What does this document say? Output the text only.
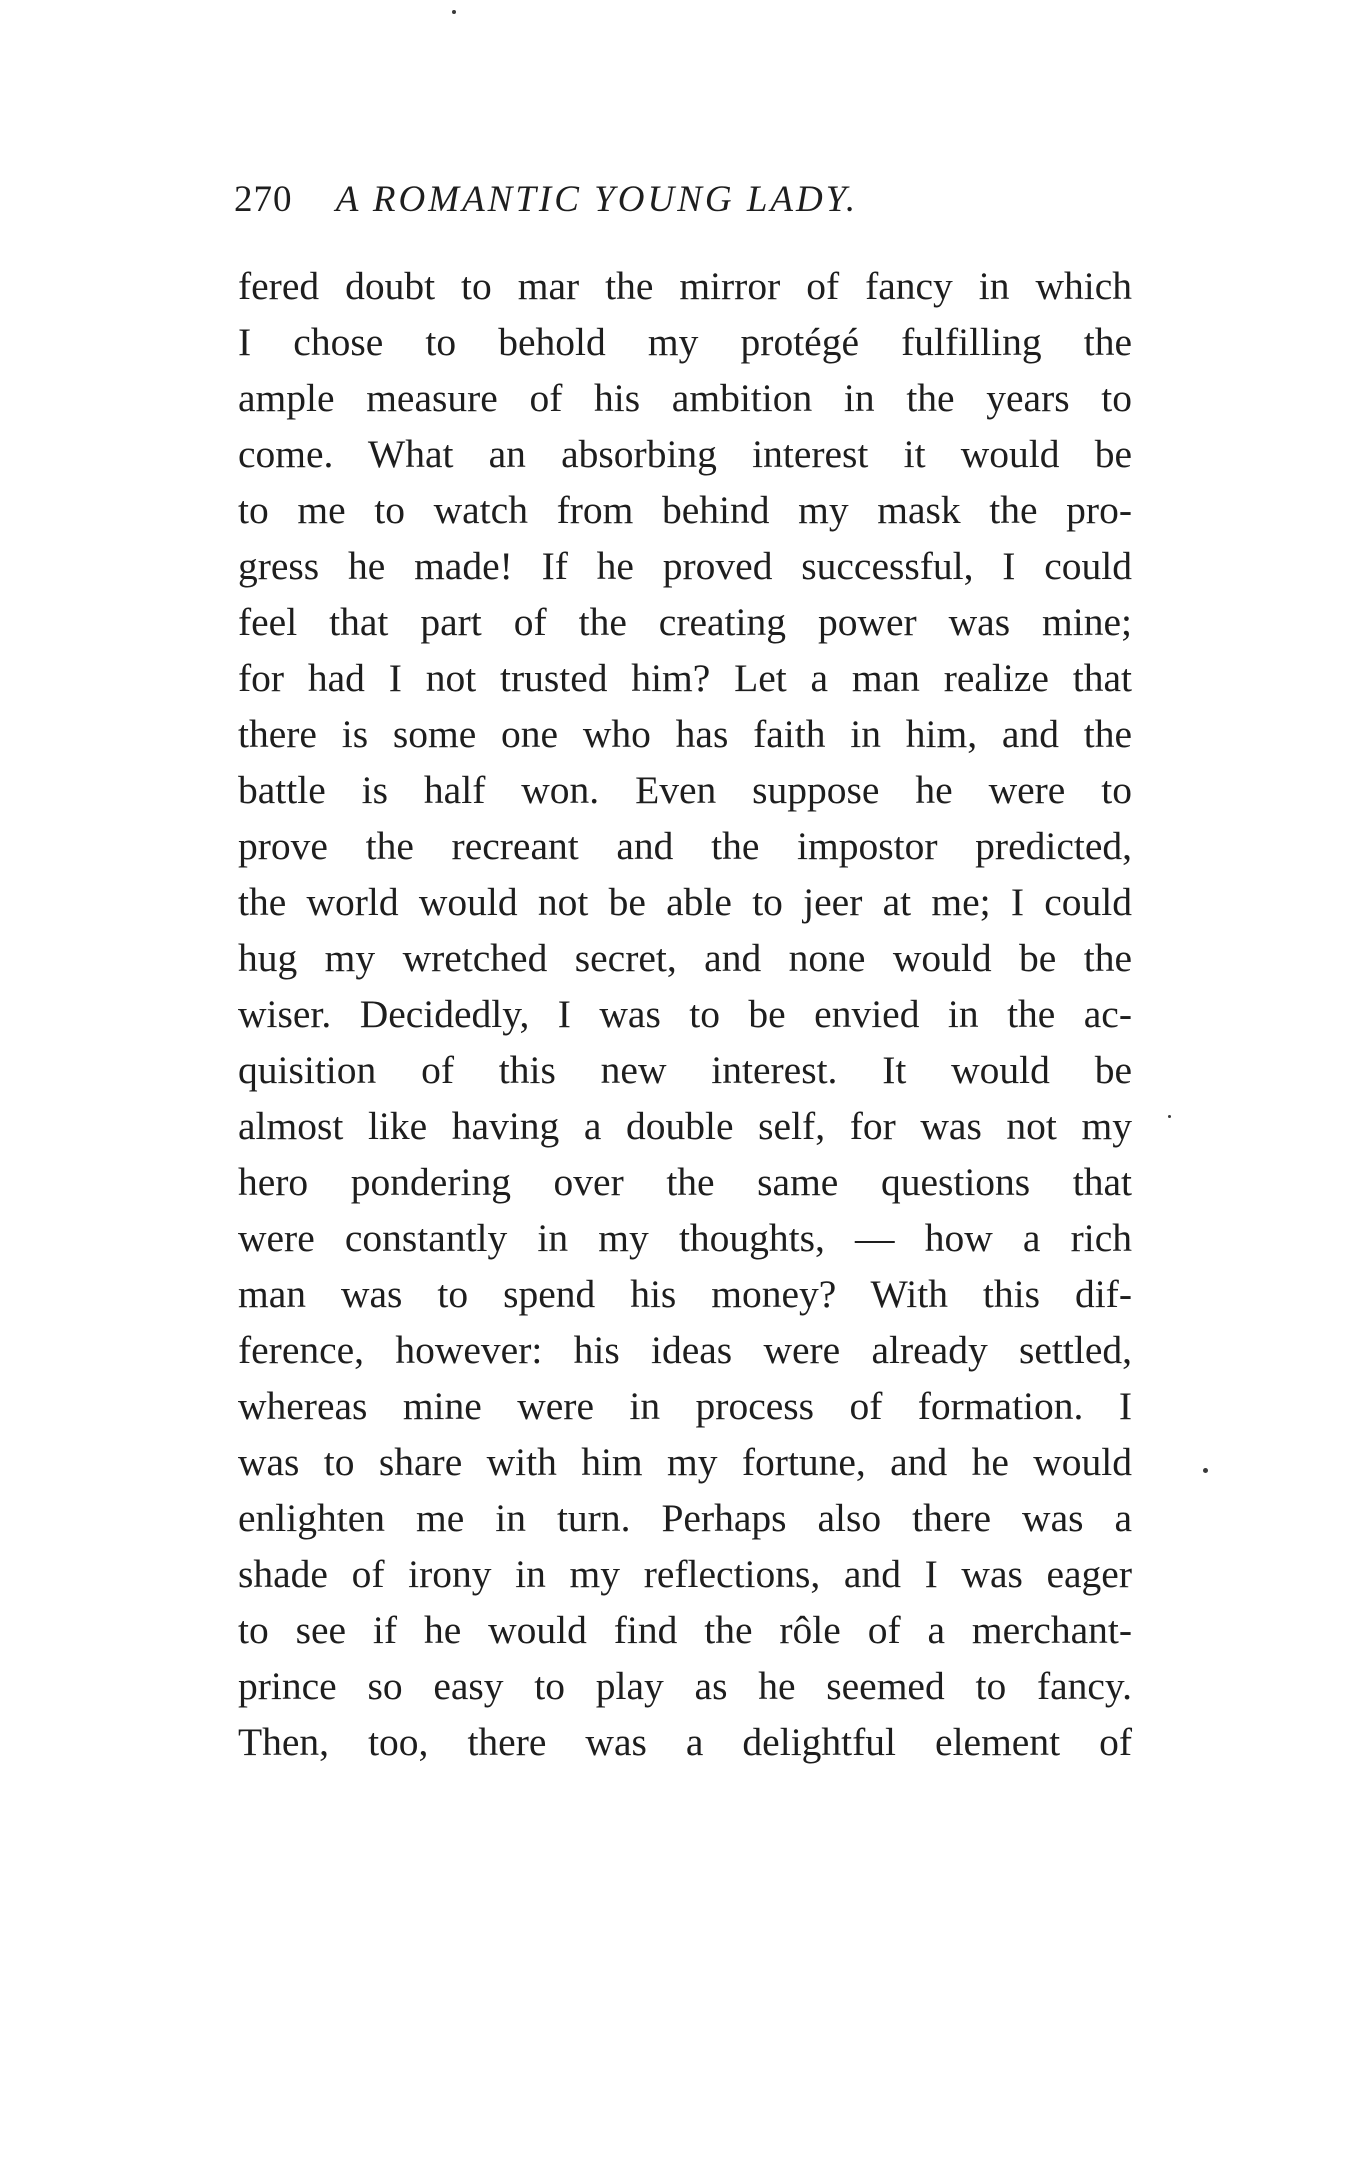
270 A ROMANTIC YOUNG LADY.
fered doubt to mar the mirror of fancy in which
I chose to behold my protégé fulfilling the
ample measure of his ambition in the years to
come. What an absorbing interest it would be
to me to watch from behind my mask the pro-
gress he made! If he proved successful, I could
feel that part of the creating power was mine;
for had I not trusted him? Let a man realize that
there is some one who has faith in him, and the
battle is half won. Even suppose he were to
prove the recreant and the impostor predicted,
the world would not be able to jeer at me; I could
hug my wretched secret, and none would be the
wiser. Decidedly, I was to be envied in the ac-
quisition of this new interest. It would be
almost like having a double self, for was not my
hero pondering over the same questions that
were constantly in my thoughts, — how a rich
man was to spend his money? With this dif-
ference, however: his ideas were already settled,
whereas mine were in process of formation. I
was to share with him my fortune, and he would
enlighten me in turn. Perhaps also there was a
shade of irony in my reflections, and I was eager
to see if he would find the rôle of a merchant-
prince so easy to play as he seemed to fancy.
Then, too, there was a delightful element of
